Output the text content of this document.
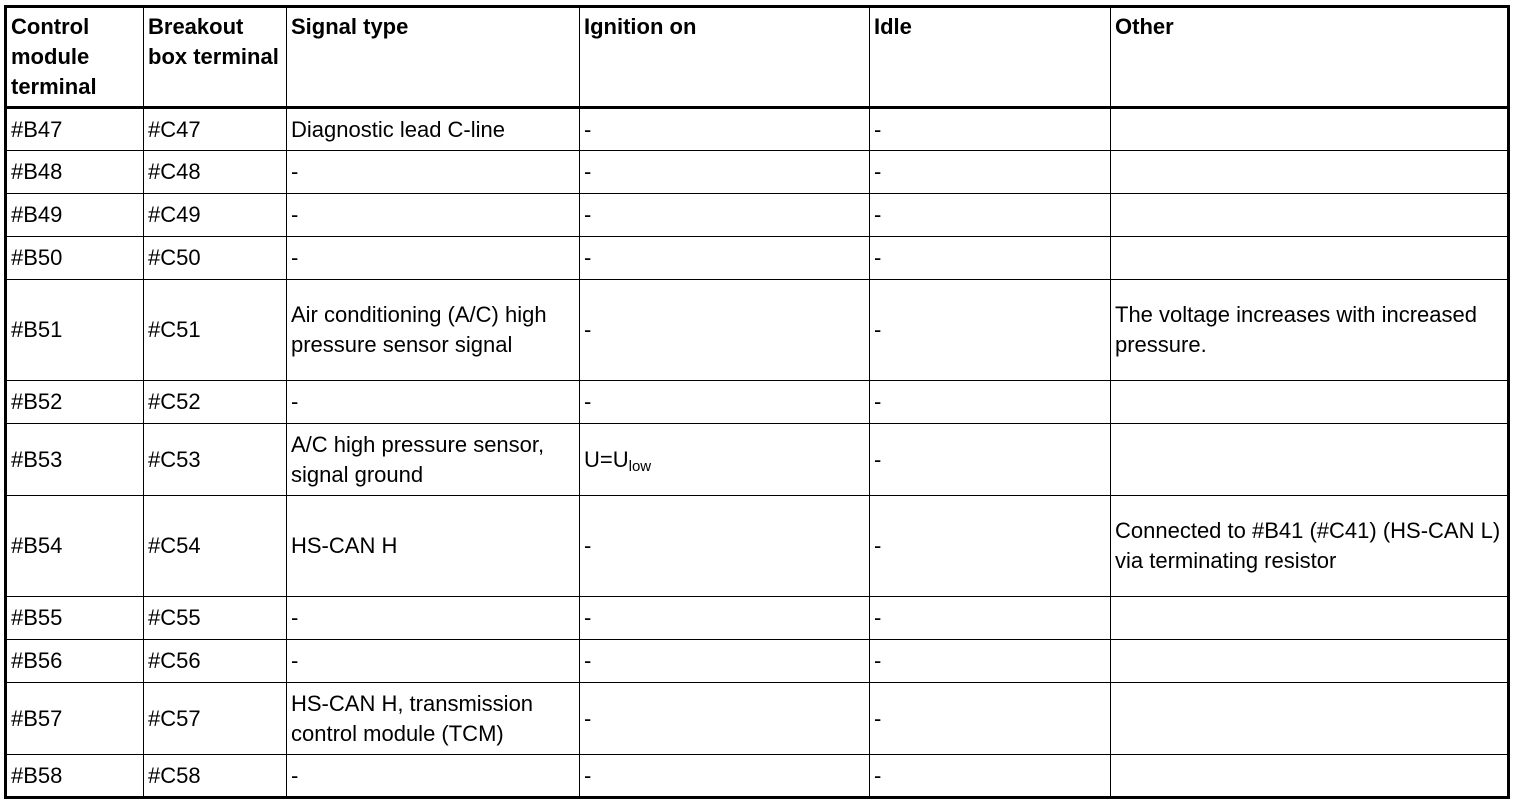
Control module terminal	Breakout box terminal	Signal type	Ignition on	Idle	Other
#B47	#C47	Diagnostic lead C-line	-	-	
#B48	#C48	-	-	-	
#B49	#C49	-	-	-	
#B50	#C50	-	-	-	
#B51	#C51	Air conditioning (A/C) high pressure sensor signal	-	-	The voltage increases with increased pressure.
#B52	#C52	-	-	-	
#B53	#C53	A/C high pressure sensor, signal ground	$U=U_{low}$	-	
#B54	#C54	HS-CAN H	-	-	Connected to #B41 (#C41) (HS-CAN L) via terminating resistor
#B55	#C55	-	-	-	
#B56	#C56	-	-	-	
#B57	#C57	HS-CAN H, transmission control module (TCM)	-	-	
#B58	#C58	-	-	-	
